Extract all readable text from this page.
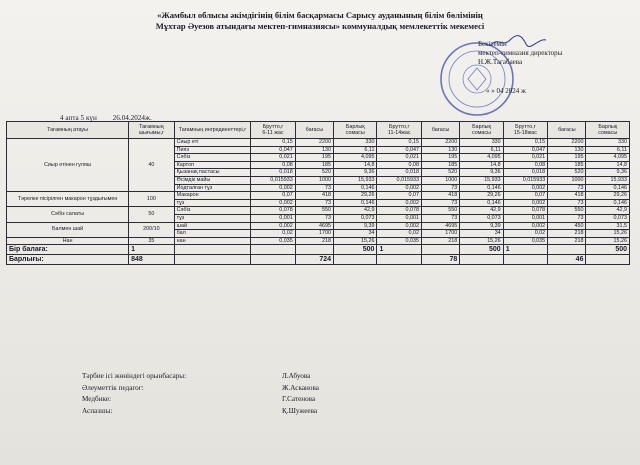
«Жамбыл облысы әкімдігінің білім басқармасы Сарысу ауданының білім бөлімінің
Мұхтар Әуезов атындағы мектеп-гимназиясы» коммуналдық мемлекеттік мекемесі
Бекітемін
мектеп-гимназия директоры
Н.Ж.Тагабаева
« » 04 2024 ж
4 апта 5 күн 26.04.2024ж.
Тағамның атауы	Тағамның шығымы,г	Тағамның ингредиенттері,г	Брутто,г
6-11 жас	бағасы	Барлық сомасы	Брутто,г
11-14жас	бағасы	Барлық сомасы	Брутто,г
15-18жас	бағасы	Барлық сомасы
Сиыр етінен гуляш	40	Сиыр еті	0,15	2200	330	0,15	2200	330	0,15	2200	330
		Пияз	0,047	130	6,11	0,047	130	6,11	0,047	130	6,11
		Сәбіз	0,021	195	4,095	0,021	195	4,095	0,021	195	4,095
		Картоп	0,08	185	14,8	0,08	185	14,8	0,08	185	14,8
		Қызанақ пастасы	0,018	520	9,36	0,018	520	9,36	0,018	520	9,36
		Өсімдік майы	0,015933	1000	15,933	0,015933	1000	15,933	0,015933	1000	15,933
		Йодталған тұз	0,002	73	0,146	0,002	73	0,146	0,002	73	0,146
Тәрелке пісірілген макарон тұздығымен	100	Макарон	0,07	418	29,26	0,07	418	29,26	0,07	418	29,26
		тұз	0,002	73	0,146	0,002	73	0,146	0,002	73	0,146
Сәбіз салаты	50	Сәбіз	0,078	550	42,9	0,078	550	42,9	0,078	550	42,9
		тұз	0,001	73	0,073	0,001	73	0,073	0,001	73	0,073
Балмен шай	200/10	шай	0,002	4695	9,39	0,002	4695	9,39	0,002	450	31,5
		бал	0,02	1700	34	0,02	1700	34	0,02	218	15,26
Нан	35	нан	0,035	218	15,26	0,035	218	15,26	0,035	218	15,26
Бір балаға:	1				500	1		500	1		500
Барлығы:	848			724			78			46	
Тәрбие ісі жөніндегі орынбасары:	Л.Абуова
Әлеуметтік педагог:	Ж.Асканова
Медбике:	Г.Сатенова
Аспазшы:	Қ.Шужеева
